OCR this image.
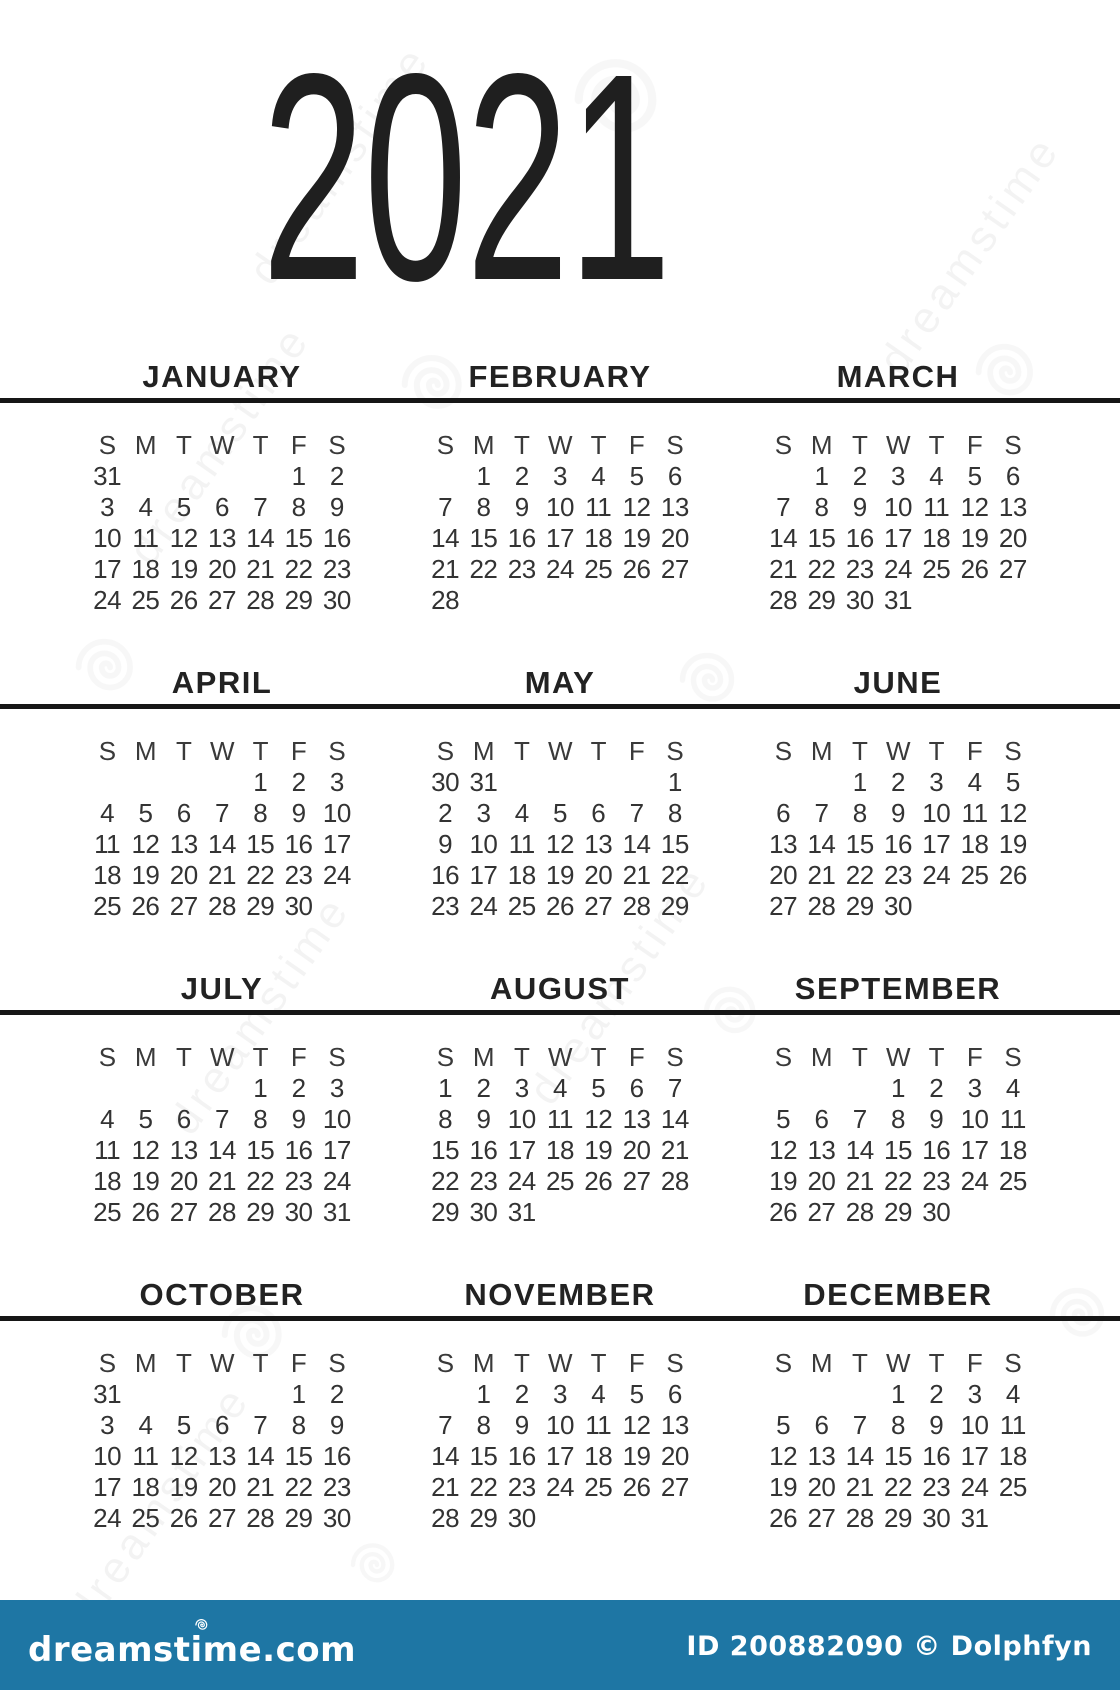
2021
JANUARY	FEBRUARY	MARCH
S	M	T	W	T	F	S
31					1	2
3	4	5	6	7	8	9
10	11	12	13	14	15	16
17	18	19	20	21	22	23
24	25	26	27	28	29	30
S	M	T	W	T	F	S
	1	2	3	4	5	6
7	8	9	10	11	12	13
14	15	16	17	18	19	20
21	22	23	24	25	26	27
28						
S	M	T	W	T	F	S
	1	2	3	4	5	6
7	8	9	10	11	12	13
14	15	16	17	18	19	20
21	22	23	24	25	26	27
28	29	30	31			
APRIL	MAY	JUNE
S	M	T	W	T	F	S
				1	2	3
4	5	6	7	8	9	10
11	12	13	14	15	16	17
18	19	20	21	22	23	24
25	26	27	28	29	30	
S	M	T	W	T	F	S
30	31					1
2	3	4	5	6	7	8
9	10	11	12	13	14	15
16	17	18	19	20	21	22
23	24	25	26	27	28	29
S	M	T	W	T	F	S
		1	2	3	4	5
6	7	8	9	10	11	12
13	14	15	16	17	18	19
20	21	22	23	24	25	26
27	28	29	30			
JULY	AUGUST	SEPTEMBER
S	M	T	W	T	F	S
				1	2	3
4	5	6	7	8	9	10
11	12	13	14	15	16	17
18	19	20	21	22	23	24
25	26	27	28	29	30	31
S	M	T	W	T	F	S
1	2	3	4	5	6	7
8	9	10	11	12	13	14
15	16	17	18	19	20	21
22	23	24	25	26	27	28
29	30	31				
S	M	T	W	T	F	S
			1	2	3	4
5	6	7	8	9	10	11
12	13	14	15	16	17	18
19	20	21	22	23	24	25
26	27	28	29	30		
OCTOBER	NOVEMBER	DECEMBER
S	M	T	W	T	F	S
31					1	2
3	4	5	6	7	8	9
10	11	12	13	14	15	16
17	18	19	20	21	22	23
24	25	26	27	28	29	30
S	M	T	W	T	F	S
	1	2	3	4	5	6
7	8	9	10	11	12	13
14	15	16	17	18	19	20
21	22	23	24	25	26	27
28	29	30				
S	M	T	W	T	F	S
			1	2	3	4
5	6	7	8	9	10	11
12	13	14	15	16	17	18
19	20	21	22	23	24	25
26	27	28	29	30	31	
dreamstime.com	ID 200882090 © Dolphfyn
